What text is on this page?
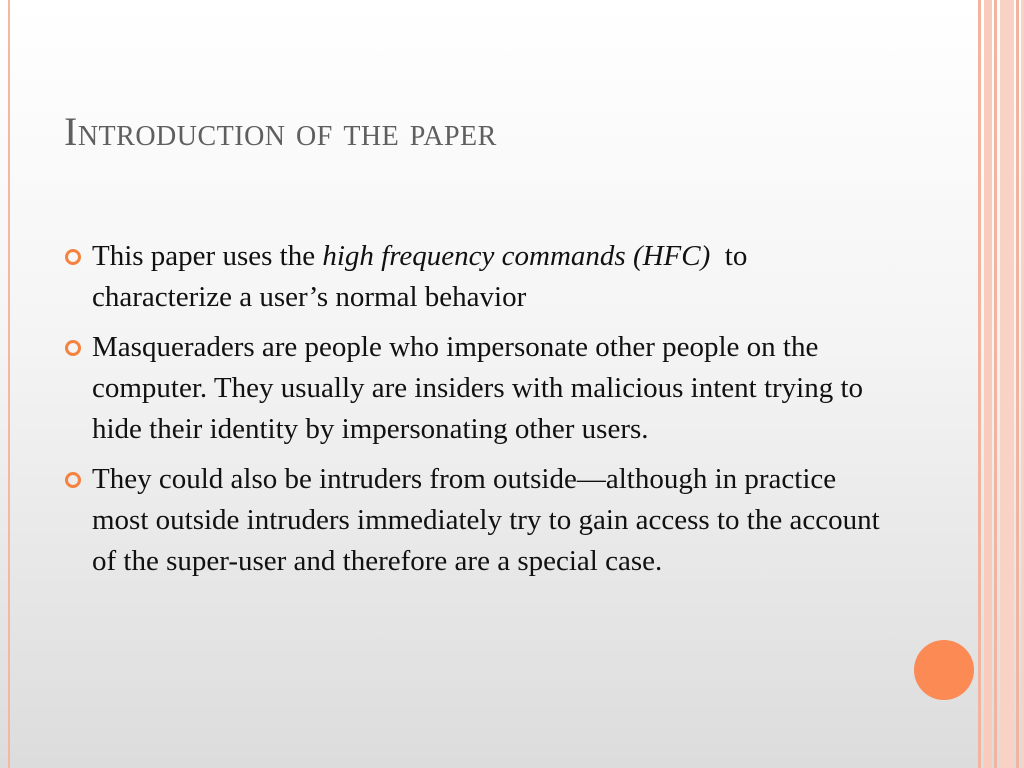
Introduction of the paper
This paper uses the high frequency commands (HFC)  to characterize a user’s normal behavior
Masqueraders are people who impersonate other people on the computer. They usually are insiders with malicious intent trying to hide their identity by impersonating other users.
They could also be intruders from outside—although in practice most outside intruders immediately try to gain access to the account of the super-user and therefore are a special case.
